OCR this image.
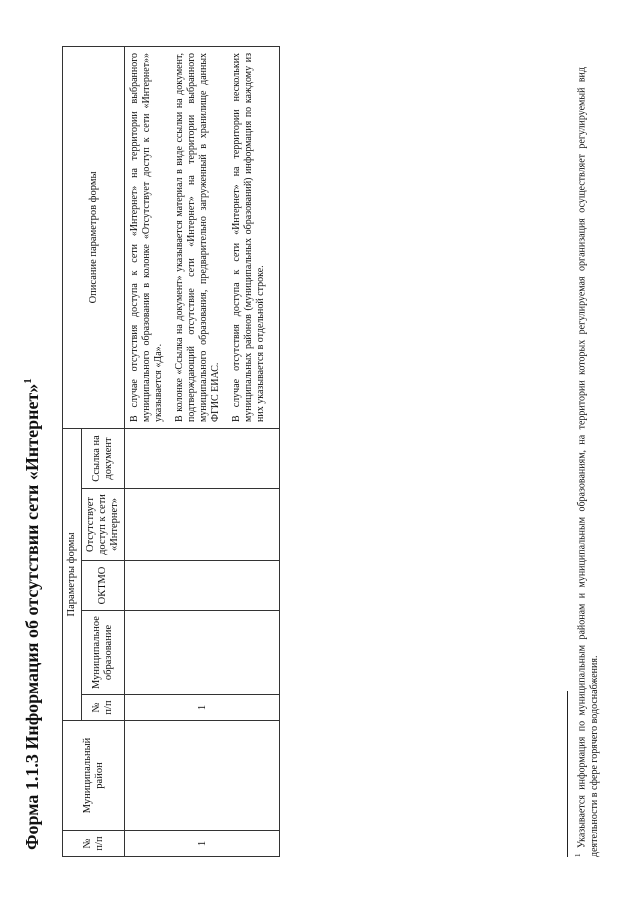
Форма 1.1.3 Информация об отсутствии сети «Интернет»$^1$
№ п/п	Муниципальный район	Параметры формы					Описание параметров формы
		№ п/п	Муниципальное образование	ОКТМО	Отсутствует доступ к сети «Интернет»	Ссылка на документ	
1		1					В случае отсутствия доступа к сети «Интернет» на территории выбранного муниципального образования в колонке «Отсутствует доступ к сети «Интернет»» указывается «Да». В колонке «Ссылка на документ» указывается материал в виде ссылки на документ, подтверждающий отсутствие сети «Интернет» на территории выбранного муниципального образования, предварительно загруженный в хранилище данных ФГИС ЕИАС. В случае отсутствия доступа к сети «Интернет» на территории нескольких муниципальных районов (муниципальных образований) информация по каждому из них указывается в отдельной строке.
$^1$ Указывается информация по муниципальным районам и муниципальным образованиям, на территории которых регулируемая организация осуществляет регулируемый вид деятельности в сфере горячего водоснабжения.
